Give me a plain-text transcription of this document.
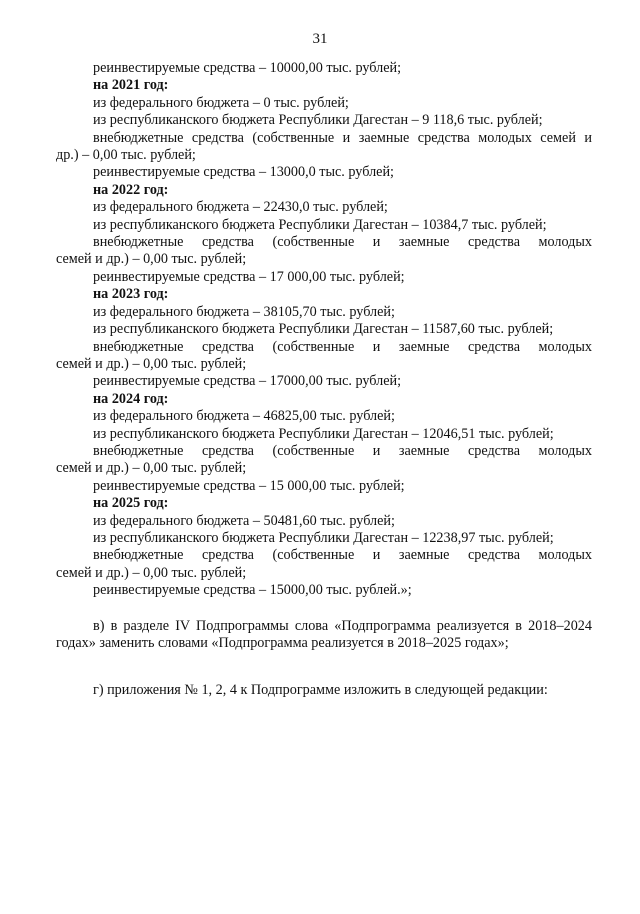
31
реинвестируемые средства – 10000,00 тыс. рублей;
на 2021 год:
из федерального бюджета – 0 тыс. рублей;
из республиканского бюджета Республики Дагестан – 9 118,6 тыс. рублей;
внебюджетные средства (собственные и заемные средства молодых семей и
др.) – 0,00 тыс. рублей;
реинвестируемые средства – 13000,0 тыс. рублей;
на 2022 год:
из федерального бюджета – 22430,0 тыс. рублей;
из республиканского бюджета Республики Дагестан – 10384,7 тыс. рублей;
внебюджетные средства (собственные и заемные средства молодых
семей и др.) – 0,00 тыс. рублей;
реинвестируемые средства – 17 000,00 тыс. рублей;
на 2023 год:
из федерального бюджета – 38105,70 тыс. рублей;
из республиканского бюджета Республики Дагестан – 11587,60 тыс. рублей;
внебюджетные средства (собственные и заемные средства молодых
семей и др.) – 0,00 тыс. рублей;
реинвестируемые средства – 17000,00 тыс. рублей;
на 2024 год:
из федерального бюджета – 46825,00 тыс. рублей;
из республиканского бюджета Республики Дагестан – 12046,51 тыс. рублей;
внебюджетные средства (собственные и заемные средства молодых
семей и др.) – 0,00 тыс. рублей;
реинвестируемые средства – 15 000,00 тыс. рублей;
на 2025 год:
из федерального бюджета – 50481,60 тыс. рублей;
из республиканского бюджета Республики Дагестан – 12238,97 тыс. рублей;
внебюджетные средства (собственные и заемные средства молодых
семей и др.) – 0,00 тыс. рублей;
реинвестируемые средства – 15000,00 тыс. рублей.»;
в) в разделе IV Подпрограммы слова «Подпрограмма реализуется в 2018–2024 годах» заменить словами «Подпрограмма реализуется в 2018–2025 годах»;
г) приложения № 1, 2, 4 к Подпрограмме изложить в следующей редакции:
